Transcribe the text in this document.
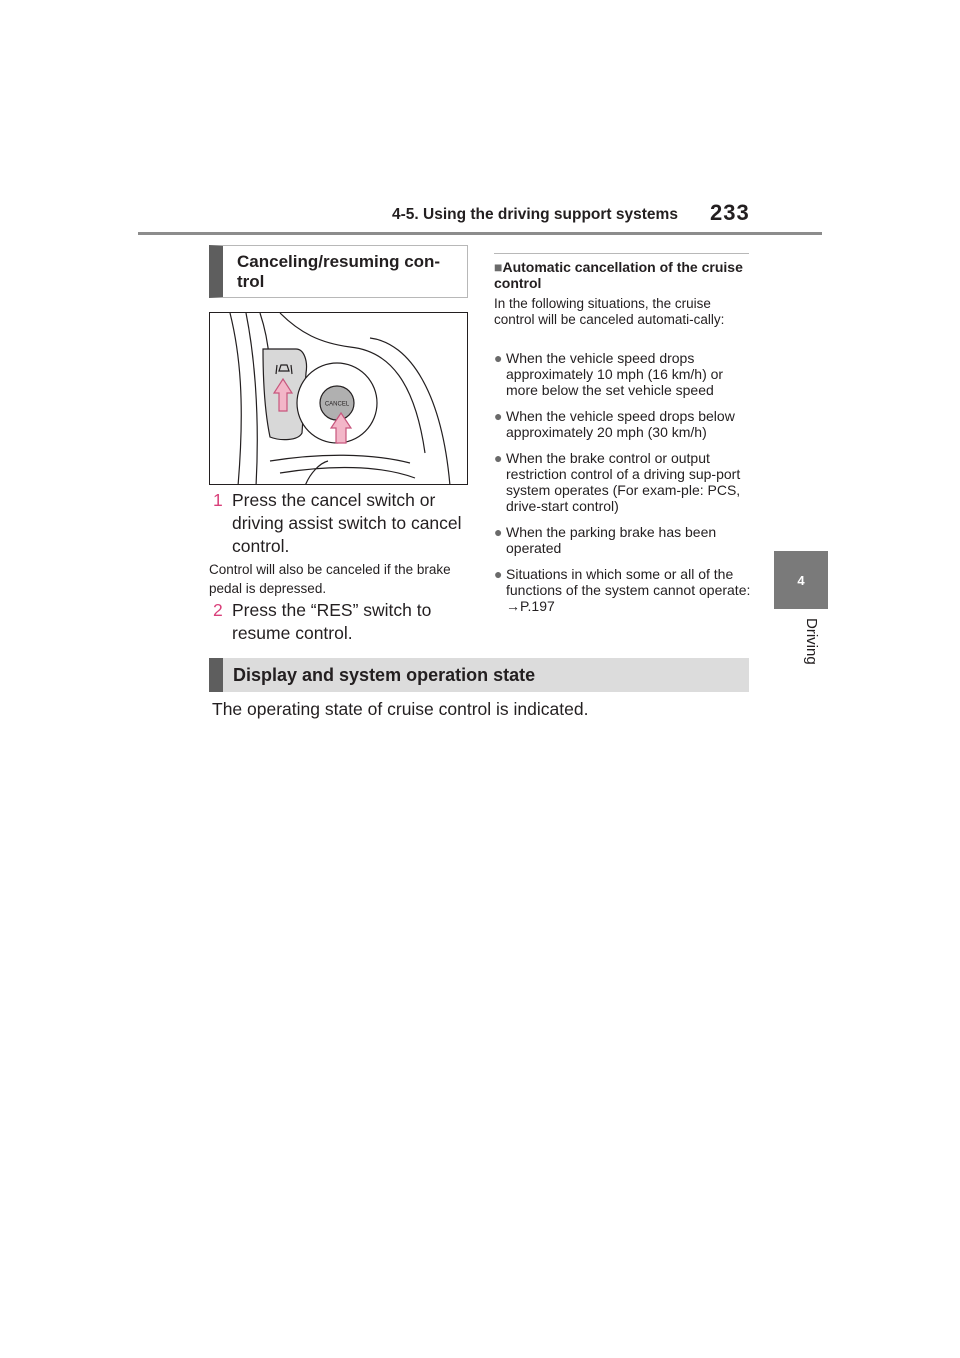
4-5. Using the driving support systems 233
4
Driving
Canceling/resuming con-
trol
CANCEL
1 Press the cancel switch or driving assist switch to cancel control.
Control will also be canceled if the brake pedal is depressed.
2 Press the “RES” switch to resume control.
■Automatic cancellation of the cruise control
In the following situations, the cruise control will be canceled automati-cally:
● When the vehicle speed drops approximately 10 mph (16 km/h) or more below the set vehicle speed
● When the vehicle speed drops below approximately 20 mph (30 km/h)
● When the brake control or output restriction control of a driving sup-port system operates (For exam-ple: PCS, drive-start control)
● When the parking brake has been operated
● Situations in which some or all of the functions of the system cannot operate: →P.197
Display and system operation state
The operating state of cruise control is indicated.
